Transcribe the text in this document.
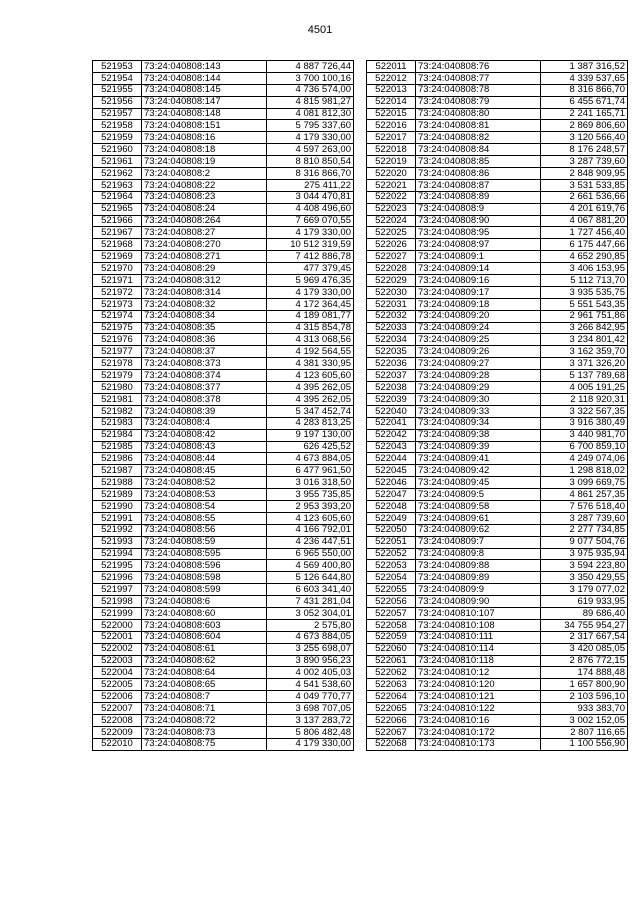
4501
521953	73:24:040808:143	4 887 726,44
521954	73:24:040808:144	3 700 100,16
521955	73:24:040808:145	4 736 574,00
521956	73:24:040808:147	4 815 981,27
521957	73:24:040808:148	4 081 812,30
521958	73:24:040808:151	5 795 337,60
521959	73:24:040808:16	4 179 330,00
521960	73:24:040808:18	4 597 263,00
521961	73:24:040808:19	8 810 850,54
521962	73:24:040808:2	8 316 866,70
521963	73:24:040808:22	275 411,22
521964	73:24:040808:23	3 044 470,81
521965	73:24:040808:24	4 408 496,60
521966	73:24:040808:264	7 669 070,55
521967	73:24:040808:27	4 179 330,00
521968	73:24:040808:270	10 512 319,59
521969	73:24:040808:271	7 412 886,78
521970	73:24:040808:29	477 379,45
521971	73:24:040808:312	5 969 476,35
521972	73:24:040808:314	4 179 330,00
521973	73:24:040808:32	4 172 364,45
521974	73:24:040808:34	4 189 081,77
521975	73:24:040808:35	4 315 854,78
521976	73:24:040808:36	4 313 068,56
521977	73:24:040808:37	4 192 564,55
521978	73:24:040808:373	4 381 330,95
521979	73:24:040808:374	4 123 605,60
521980	73:24:040808:377	4 395 262,05
521981	73:24:040808:378	4 395 262,05
521982	73:24:040808:39	5 347 452,74
521983	73:24:040808:4	4 283 813,25
521984	73:24:040808:42	9 197 130,00
521985	73:24:040808:43	626 425,52
521986	73:24:040808:44	4 673 884,05
521987	73:24:040808:45	6 477 961,50
521988	73:24:040808:52	3 016 318,50
521989	73:24:040808:53	3 955 735,85
521990	73:24:040808:54	2 953 393,20
521991	73:24:040808:55	4 123 605,60
521992	73:24:040808:56	4 166 792,01
521993	73:24:040808:59	4 236 447,51
521994	73:24:040808:595	6 965 550,00
521995	73:24:040808:596	4 569 400,80
521996	73:24:040808:598	5 126 644,80
521997	73:24:040808:599	6 603 341,40
521998	73:24:040808:6	7 431 281,04
521999	73:24:040808:60	3 052 304,01
522000	73:24:040808:603	2 575,80
522001	73:24:040808:604	4 673 884,05
522002	73:24:040808:61	3 255 698,07
522003	73:24:040808:62	3 890 956,23
522004	73:24:040808:64	4 002 405,03
522005	73:24:040808:65	4 541 538,60
522006	73:24:040808:7	4 049 770,77
522007	73:24:040808:71	3 698 707,05
522008	73:24:040808:72	3 137 283,72
522009	73:24:040808:73	5 806 482,48
522010	73:24:040808:75	4 179 330,00
522011	73:24:040808:76	1 387 316,52
522012	73:24:040808:77	4 339 537,65
522013	73:24:040808:78	8 316 866,70
522014	73:24:040808:79	6 455 671,74
522015	73:24:040808:80	2 241 165,71
522016	73:24:040808:81	2 869 806,60
522017	73:24:040808:82	3 120 566,40
522018	73:24:040808:84	8 176 248,57
522019	73:24:040808:85	3 287 739,60
522020	73:24:040808:86	2 848 909,95
522021	73:24:040808:87	3 531 533,85
522022	73:24:040808:89	2 661 536,66
522023	73:24:040808:9	4 201 619,76
522024	73:24:040808:90	4 067 881,20
522025	73:24:040808:95	1 727 456,40
522026	73:24:040808:97	6 175 447,66
522027	73:24:040809:1	4 652 290,85
522028	73:24:040809:14	3 406 153,95
522029	73:24:040809:16	5 112 713,70
522030	73:24:040809:17	3 935 535,75
522031	73:24:040809:18	5 551 543,35
522032	73:24:040809:20	2 961 751,86
522033	73:24:040809:24	3 266 842,95
522034	73:24:040809:25	3 234 801,42
522035	73:24:040809:26	3 162 359,70
522036	73:24:040809:27	3 371 326,20
522037	73:24:040809:28	5 137 789,68
522038	73:24:040809:29	4 005 191,25
522039	73:24:040809:30	2 118 920,31
522040	73:24:040809:33	3 322 567,35
522041	73:24:040809:34	3 916 380,49
522042	73:24:040809:38	3 440 981,70
522043	73:24:040809:39	6 700 859,10
522044	73:24:040809:41	4 249 074,06
522045	73:24:040809:42	1 298 818,02
522046	73:24:040809:45	3 099 669,75
522047	73:24:040809:5	4 861 257,35
522048	73:24:040809:58	7 576 518,40
522049	73:24:040809:61	3 287 739,60
522050	73:24:040809:62	2 277 734,85
522051	73:24:040809:7	9 077 504,76
522052	73:24:040809:8	3 975 935,94
522053	73:24:040809:88	3 594 223,80
522054	73:24:040809:89	3 350 429,55
522055	73:24:040809:9	3 179 077,02
522056	73:24:040809:90	619 933,95
522057	73:24:040810:107	89 686,40
522058	73:24:040810:108	34 755 954,27
522059	73:24:040810:111	2 317 667,54
522060	73:24:040810:114	3 420 085,05
522061	73:24:040810:118	2 876 772,15
522062	73:24:040810:12	174 888,48
522063	73:24:040810:120	1 657 800,90
522064	73:24:040810:121	2 103 596,10
522065	73:24:040810:122	933 383,70
522066	73:24:040810:16	3 002 152,05
522067	73:24:040810:172	2 807 116,65
522068	73:24:040810:173	1 100 556,90
